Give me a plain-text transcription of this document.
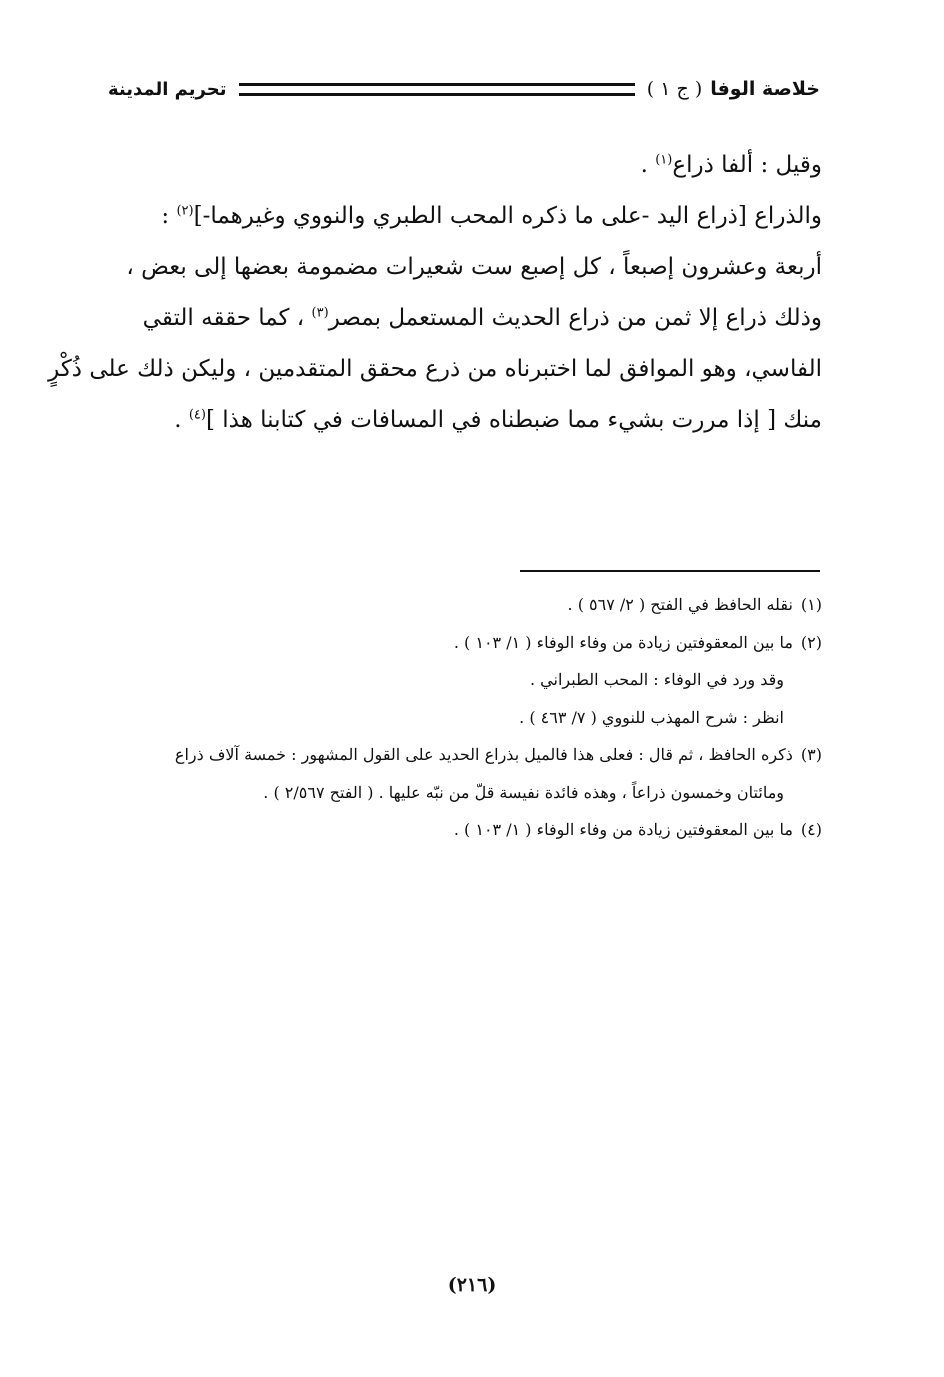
خلاصة الوفا
( ج ١ )
تحريم المدينة
وقيل : ألفا ذراع$^{(١)}$ .
والذراع [ذراع اليد -على ما ذكره المحب الطبري والنووي وغيرهما-]$^{(٢)}$ :
أربعة وعشرون إصبعاً ، كل إصبع ست شعيرات مضمومة بعضها إلى بعض ،
وذلك ذراع إلا ثمن من ذراع الحديث المستعمل بمصر$^{(٣)}$ ، كما حققه التقي
الفاسي، وهو الموافق لما اختبرناه من ذرع محقق المتقدمين ، وليكن ذلك على ذُكْرٍ
منك [ إذا مررت بشيء مما ضبطناه في المسافات في كتابنا هذا ]$^{(٤)}$ .
(١)نقله الحافظ في الفتح ( ٢/ ٥٦٧ ) .
(٢)ما بين المعقوفتين زيادة من وفاء الوفاء ( ١/ ١٠٣ ) .
وقد ورد في الوفاء : المحب الطبراني .
انظر : شرح المهذب للنووي ( ٧/ ٤٦٣ ) .
(٣)ذكره الحافظ ، ثم قال : فعلى هذا فالميل بذراع الحديد على القول المشهور : خمسة آلاف ذراع
ومائتان وخمسون ذراعاً ، وهذه فائدة نفيسة قلّ من نبّه عليها . ( الفتح ٢/٥٦٧ ) .
(٤)ما بين المعقوفتين زيادة من وفاء الوفاء ( ١/ ١٠٣ ) .
(٢١٦)
